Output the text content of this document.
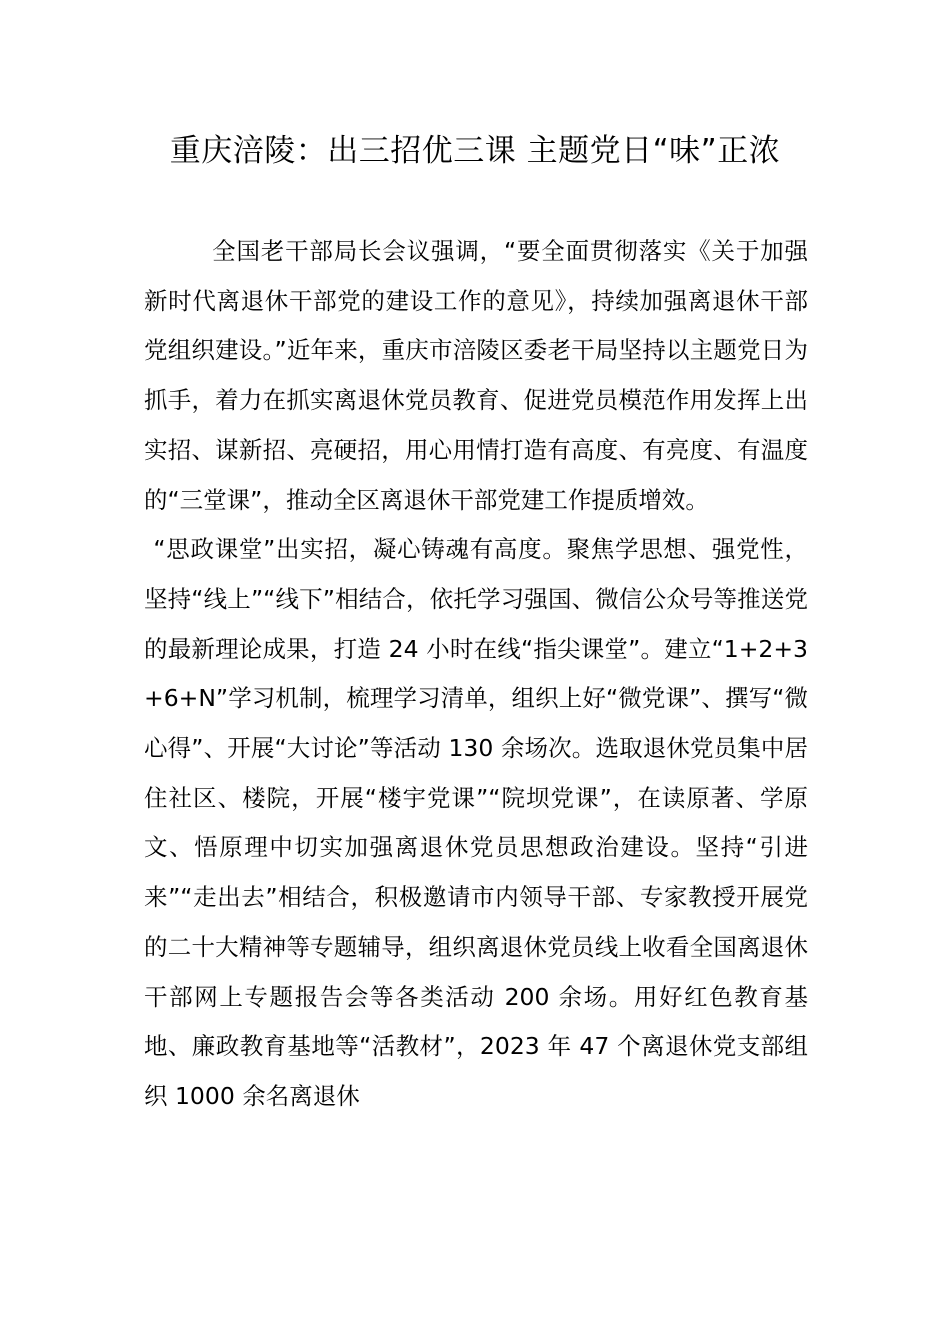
重庆涪陵：出三招优三课 主题党日“味”正浓

全国老干部局长会议强调，“要全面贯彻落实《关于加强新时代离退休干部党的建设工作的意见》，持续加强离退休干部党组织建设。”近年来，重庆市涪陵区委老干局坚持以主题党日为抓手，着力在抓实离退休党员教育、促进党员模范作用发挥上出实招、谋新招、亮硬招，用心用情打造有高度、有亮度、有温度的“三堂课”，推动全区离退休干部党建工作提质增效。

“思政课堂”出实招，凝心铸魂有高度。聚焦学思想、强党性，坚持“线上”“线下”相结合，依托学习强国、微信公众号等推送党的最新理论成果，打造 24 小时在线“指尖课堂”。建立“1+2+3+6+N”学习机制，梳理学习清单，组织上好“微党课”、撰写“微心得”、开展“大讨论”等活动 130 余场次。选取退休党员集中居住社区、楼院，开展“楼宇党课”“院坝党课”，在读原著、学原文、悟原理中切实加强离退休党员思想政治建设。坚持“引进来”“走出去”相结合，积极邀请市内领导干部、专家教授开展党的二十大精神等专题辅导，组织离退休党员线上收看全国离退休干部网上专题报告会等各类活动 200 余场。用好红色教育基地、廉政教育基地等“活教材”，2023 年 47 个离退休党支部组织 1000 余名离退休
